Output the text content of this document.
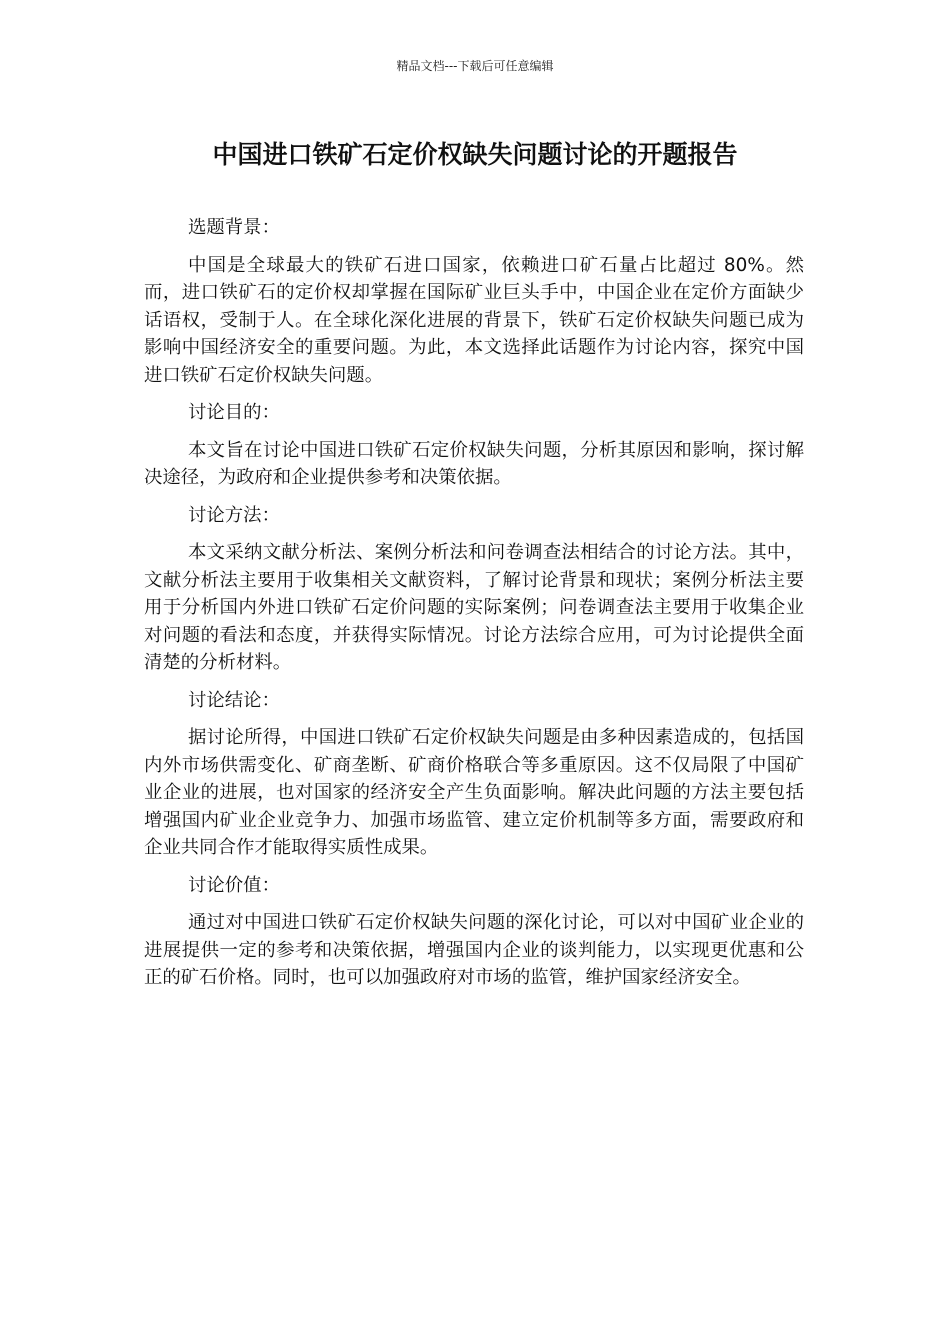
精品文档---下载后可任意编辑
中国进口铁矿石定价权缺失问题讨论的开题报告

选题背景：

中国是全球最大的铁矿石进口国家，依赖进口矿石量占比超过 80%。然而，进口铁矿石的定价权却掌握在国际矿业巨头手中，中国企业在定价方面缺少话语权，受制于人。在全球化深化进展的背景下，铁矿石定价权缺失问题已成为影响中国经济安全的重要问题。为此，本文选择此话题作为讨论内容，探究中国进口铁矿石定价权缺失问题。

讨论目的：

本文旨在讨论中国进口铁矿石定价权缺失问题，分析其原因和影响，探讨解决途径，为政府和企业提供参考和决策依据。

讨论方法：

本文采纳文献分析法、案例分析法和问卷调查法相结合的讨论方法。其中，文献分析法主要用于收集相关文献资料，了解讨论背景和现状；案例分析法主要用于分析国内外进口铁矿石定价问题的实际案例；问卷调查法主要用于收集企业对问题的看法和态度，并获得实际情况。讨论方法综合应用，可为讨论提供全面清楚的分析材料。

讨论结论：

据讨论所得，中国进口铁矿石定价权缺失问题是由多种因素造成的，包括国内外市场供需变化、矿商垄断、矿商价格联合等多重原因。这不仅局限了中国矿业企业的进展，也对国家的经济安全产生负面影响。解决此问题的方法主要包括增强国内矿业企业竞争力、加强市场监管、建立定价机制等多方面，需要政府和企业共同合作才能取得实质性成果。

讨论价值：

通过对中国进口铁矿石定价权缺失问题的深化讨论，可以对中国矿业企业的进展提供一定的参考和决策依据，增强国内企业的谈判能力，以实现更优惠和公正的矿石价格。同时，也可以加强政府对市场的监管，维护国家经济安全。
